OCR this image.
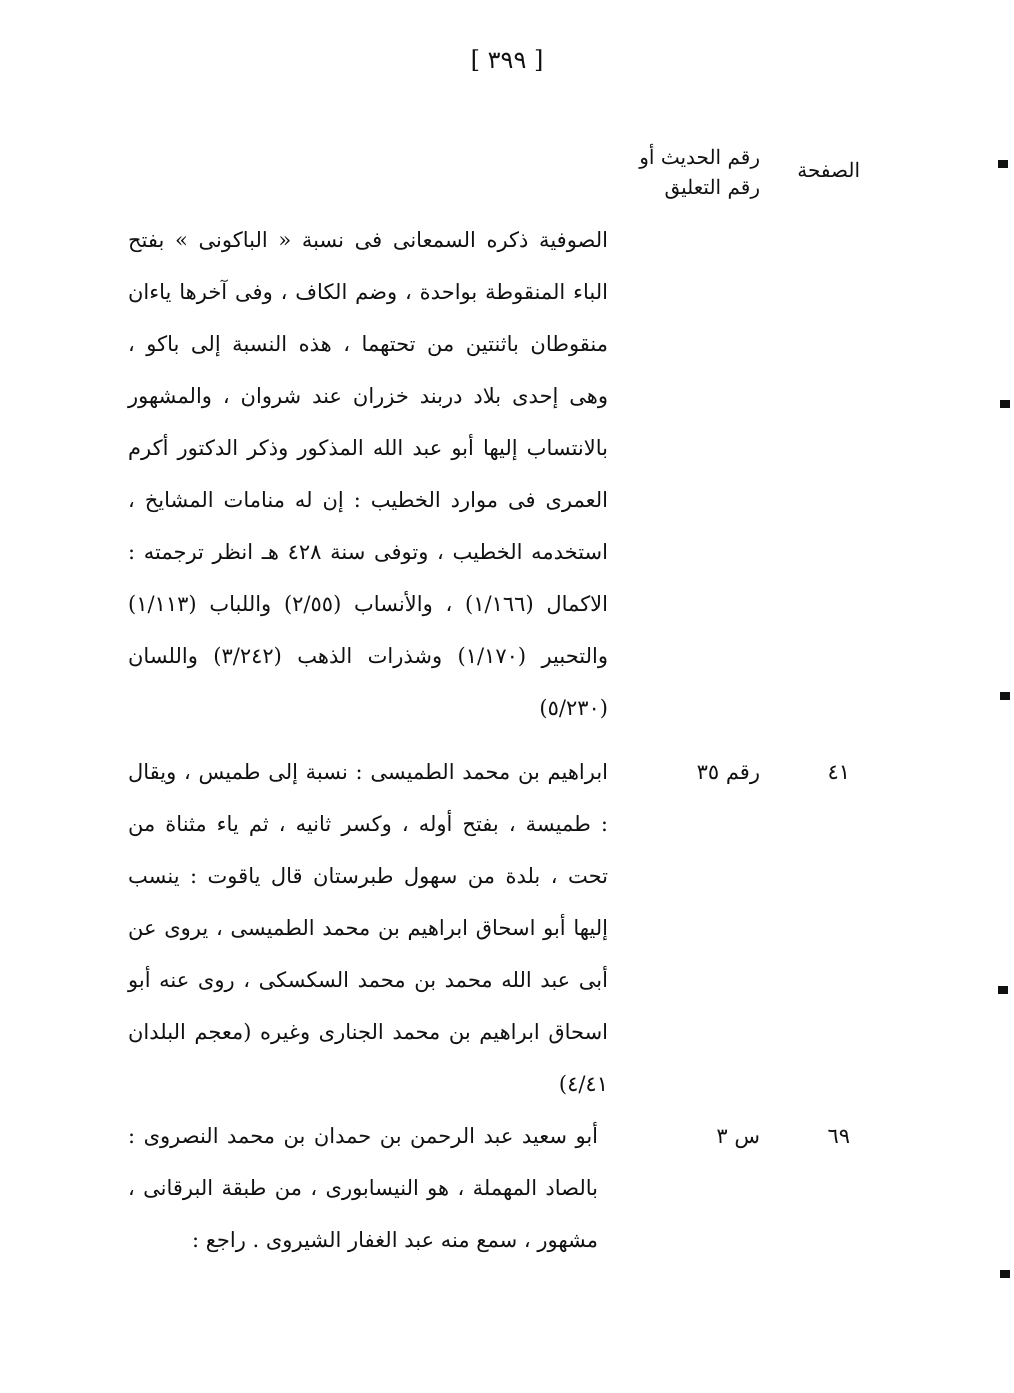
[ ٣٩٩ ]
الصفحة
رقم الحديث أو رقم التعليق
الصوفية ذكره السمعانى فى نسبة « الباكونى » بفتح الباء المنقوطة بواحدة ، وضم الكاف ، وفى آخرها ياءان منقوطان باثنتين من تحتهما ، هذه النسبة إلى باكو ، وهى إحدى بلاد دربند خزران عند شروان ، والمشهور بالانتساب إليها أبو عبد الله المذكور وذكر الدكتور أكرم العمرى فى موارد الخطيب : إن له منامات المشايخ ، استخدمه الخطيب ، وتوفى سنة ٤٢٨ هـ انظر ترجمته : الاكمال (١/١٦٦) ، والأنساب (٢/٥٥) واللباب (١/١١٣) والتحبير (١/١٧٠) وشذرات الذهب (٣/٢٤٢) واللسان (٥/٢٣٠)
٤١
رقم ٣٥
ابراهيم بن محمد الطميسى : نسبة إلى طميس ، ويقال : طميسة ، بفتح أوله ، وكسر ثانيه ، ثم ياء مثناة من تحت ، بلدة من سهول طبرستان قال ياقوت : ينسب إليها أبو اسحاق ابراهيم بن محمد الطميسى ، يروى عن أبى عبد الله محمد بن محمد السكسكى ، روى عنه أبو اسحاق ابراهيم بن محمد الجنارى وغيره (معجم البلدان ٤/٤١)
٦٩
س ٣
أبو سعيد عبد الرحمن بن حمدان بن محمد النصروى : بالصاد المهملة ، هو النيسابورى ، من طبقة البرقانى ، مشهور ، سمع منه عبد الغفار الشيروى . راجع :
